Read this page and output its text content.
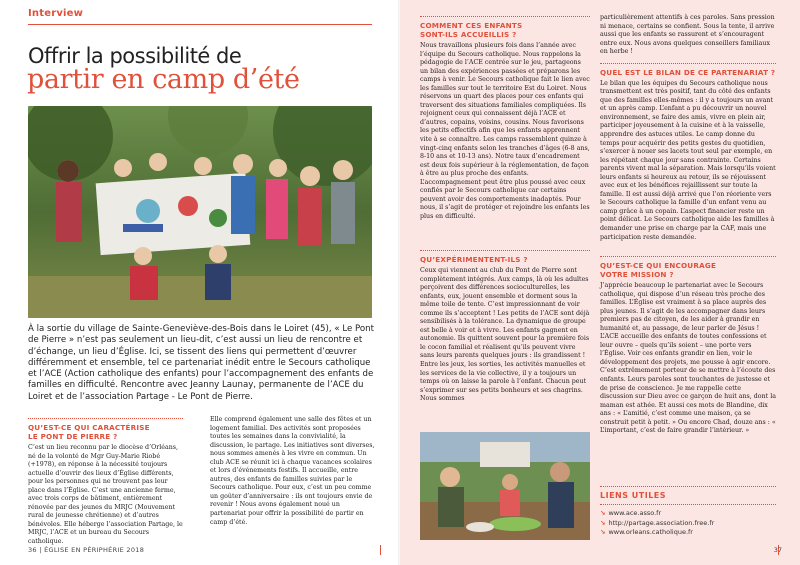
Interview
Offrir la possibilité de
partir en camp d’été
À la sortie du village de Sainte-Geneviève-des-Bois dans le Loiret (45), « Le Pont de Pierre » n’est pas seulement un lieu-dit, c’est aussi un lieu de rencontre et d’échange, un lieu d’Église. Ici, se tissent des liens qui permettent d’œuvrer différemment et ensemble, tel ce partenariat inédit entre le Secours catholique et l’ACE (Action catholique des enfants) pour l’accompagnement des enfants de familles en difficulté. Rencontre avec Jeanny Launay, permanente de l’ACE du Loiret et de l’association Partage - Le Pont de Pierre.
QU’EST-CE QUI CARACTÉRISE
LE PONT DE PIERRE ?

C’est un lieu reconnu par le diocèse d’Orléans, né de la volonté de Mgr Guy-Marie Riobé (+1978), en réponse à la nécessité toujours actuelle d’ouvrir des lieux d’Église différents, pour les personnes qui ne trouvent pas leur place dans l’Église. C’est une ancienne ferme, avec trois corps de bâtiment, entièrement rénovée par des jeunes du MRJC (Mouvement rural de jeunesse chrétienne) et d’autres bénévoles. Elle héberge l’association Partage, le MRJC, l’ACE et un bureau du Secours catholique.

Elle comprend également une salle des fêtes et un logement familial. Des activités sont proposées toutes les semaines dans la convivialité, la discussion, le partage. Les initiatives sont diverses, nous sommes amenés à les vivre en commun. Un club ACE se réunit ici à chaque vacances scolaires et lors d’événements festifs. Il accueille, entre autres, des enfants de familles suivies par le Secours catholique. Pour eux, c’est un peu comme un goûter d’anniversaire : ils ont toujours envie de revenir ! Nous avons également noué un partenariat pour offrir la possibilité de partir en camp d’été.

36 | ÉGLISE EN PÉRIPHÉRIE 2018
COMMENT CES ENFANTS
SONT-ILS ACCUEILLIS ?

Nous travaillons plusieurs fois dans l’année avec l’équipe du Secours catholique. Nous rappelons la pédagogie de l’ACE centrée sur le jeu, partageons un bilan des expériences passées et préparons les camps à venir. Le Secours catholique fait le lien avec les familles sur tout le territoire Est du Loiret. Nous réservons un quart des places pour ces enfants qui traversent des situations familiales compliquées. Ils rejoignent ceux qui connaissent déjà l’ACE et d’autres, copains, voisins, cousins. Nous favorisons les petits effectifs afin que les enfants apprennent vite à se connaître. Les camps rassemblent quinze à vingt-cinq enfants selon les tranches d’âges (6-8 ans, 8-10 ans et 10-13 ans). Notre taux d’encadrement est deux fois supérieur à la réglementation, de façon à être au plus proche des enfants. L’accompagnement peut être plus poussé avec ceux confiés par le Secours catholique car certains peuvent avoir des comportements inadaptés. Pour nous, il s’agit de protéger et rejoindre les enfants les plus en difficulté.

QU’EXPÉRIMENTENT-ILS ?

Ceux qui viennent au club du Pont de Pierre sont complètement intégrés. Aux camps, là où les adultes perçoivent des différences socioculturelles, les enfants, eux, jouent ensemble et dorment sous la même toile de tente. C’est impressionnant de voir comme ils s’acceptent ! Les petits de l’ACE sont déjà sensibilisés à la tolérance. La dynamique de groupe est belle à voir et à vivre. Les enfants gagnent en autonomie. Ils quittent souvent pour la première fois le cocon familial et réalisent qu’ils peuvent vivre sans leurs parents quelques jours : ils grandissent ! Entre les jeux, les sorties, les activités manuelles et les services de la vie collective, il y a toujours un temps où on laisse la parole à l’enfant. Chacun peut s’exprimer sur ses petits bonheurs et ses chagrins. Nous sommes

particulièrement attentifs à ces paroles. Sans pression ni menace, certains se confient. Sous la tente, il arrive aussi que les enfants se rassurent et s’encouragent entre eux. Nous avons quelques conseillers familiaux en herbe !

QUEL EST LE BILAN DE CE PARTENARIAT ?

Le bilan que les équipes du Secours catholique nous transmettent est très positif, tant du côté des enfants que des familles elles-mêmes : il y a toujours un avant et un après camp. L’enfant a pu découvrir un nouvel environnement, se faire des amis, vivre en plein air, participer joyeusement à la cuisine et à la vaisselle, apprendre des astuces utiles. Le camp donne du temps pour acquérir des petits gestes du quotidien, s’exercer à nouer ses lacets tout seul par exemple, en les répétant chaque jour sans contrainte. Certains parents vivent mal la séparation. Mais lorsqu’ils voient leurs enfants si heureux au retour, ils se réjouissent avec eux et les bénéfices rejaillissent sur toute la famille. Il est aussi déjà arrivé que l’on réoriente vers le Secours catholique la famille d’un enfant venu au camp grâce à un copain. L’aspect financier reste un point délicat. Le Secours catholique aide les familles à demander une prise en charge par la CAF, mais une participation reste demandée.

QU’EST-CE QUI ENCOURAGE
VOTRE MISSION ?

J’apprécie beaucoup le partenariat avec le Secours catholique, qui dispose d’un réseau très proche des familles. L’Église est vraiment à sa place auprès des plus jeunes. Il s’agit de les accompagner dans leurs premiers pas de citoyen, de les aider à grandir en humanité et, au passage, de leur parler de Jésus ! L’ACE accueille des enfants de toutes confessions et leur ouvre – quels qu’ils soient – une porte vers l’Église. Voir ces enfants grandir en lien, voir le développement des projets, me pousse à agir encore. C’est extrêmement porteur de se mettre à l’écoute des enfants. Leurs paroles sont touchantes de justesse et de prise de conscience. Je me rappelle cette discussion sur Dieu avec ce garçon de huit ans, dont la maman est athée. Et aussi ces mots de Blandine, dix ans : « L’amitié, c’est comme une maison, ça se construit petit à petit. » Ou encore Chad, douze ans : « L’important, c’est de faire grandir l’intérieur. »

LIENS UTILES
↘ www.ace.asso.fr
↘ http://partage.association.free.fr
↘ www.orleans.catholique.fr
37
